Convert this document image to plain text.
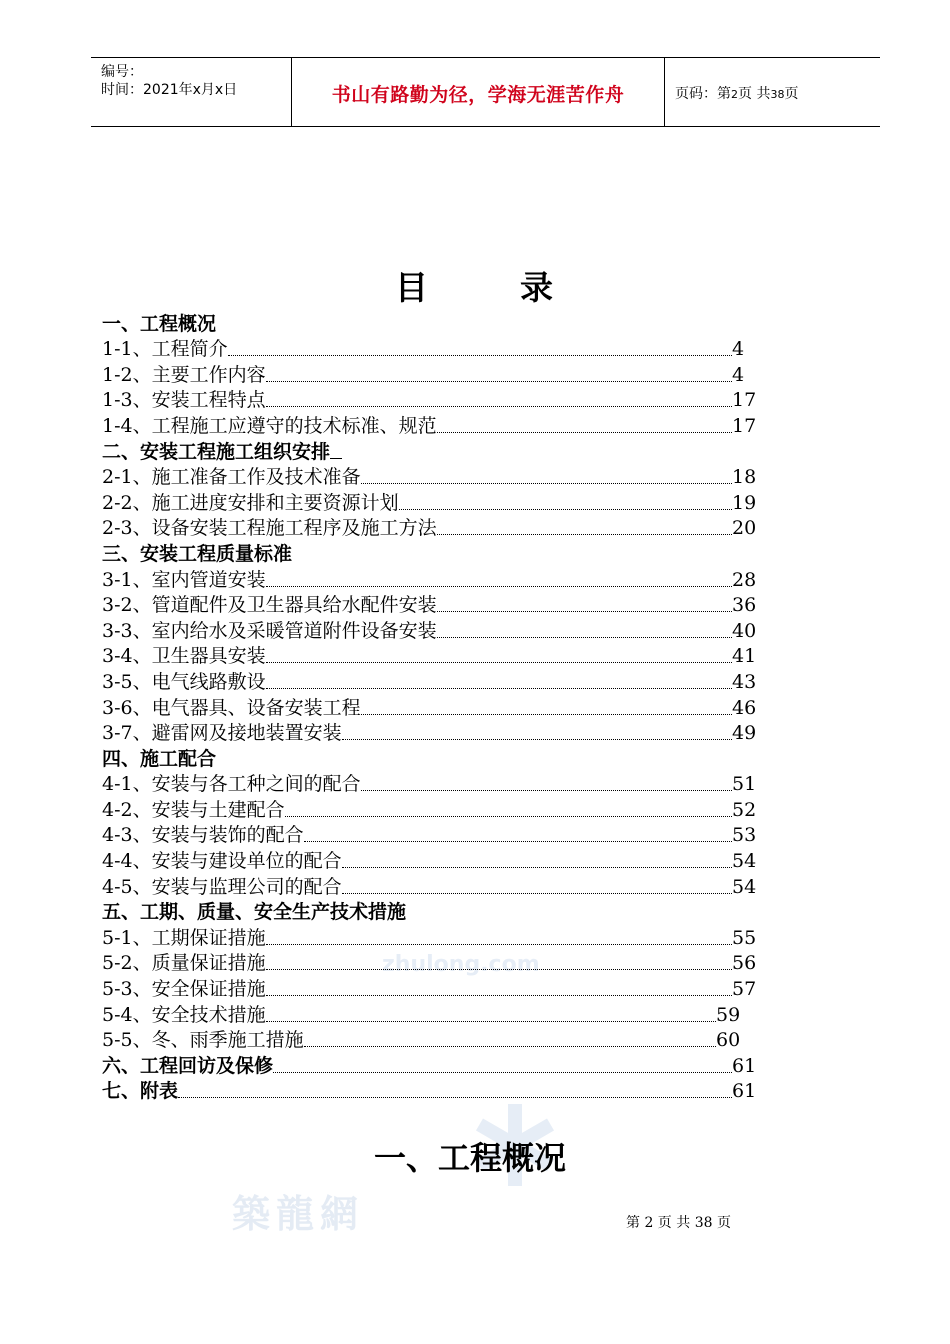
编号：
时间：2021年x月x日	书山有路勤为径，学海无涯苦作舟	页码：第2页 共38页
zhulong.com
築龍網
目	录
一、工程概况
1-1、工程简介	4
1-2、主要工作内容	4
1-3、安装工程特点	17
1-4、工程施工应遵守的技术标准、规范	17
二、安装工程施工组织安排
2-1、施工准备工作及技术准备	18
2-2、施工进度安排和主要资源计划	19
2-3、设备安装工程施工程序及施工方法	20
三、安装工程质量标准
3-1、室内管道安装	28
3-2、管道配件及卫生器具给水配件安装	36
3-3、室内给水及采暖管道附件设备安装	40
3-4、卫生器具安装	41
3-5、电气线路敷设	43
3-6、电气器具、设备安装工程	46
3-7、避雷网及接地装置安装	49
四、施工配合
4-1、安装与各工种之间的配合	51
4-2、安装与土建配合	52
4-3、安装与装饰的配合	53
4-4、安装与建设单位的配合	54
4-5、安装与监理公司的配合	54
五、工期、质量、安全生产技术措施
5-1、工期保证措施	55
5-2、质量保证措施	56
5-3、安全保证措施	57
5-4、安全技术措施	59
5-5、冬、雨季施工措施	60
六、工程回访及保修	61
七、附表	61
一、工程概况
第 2 页 共 38 页
